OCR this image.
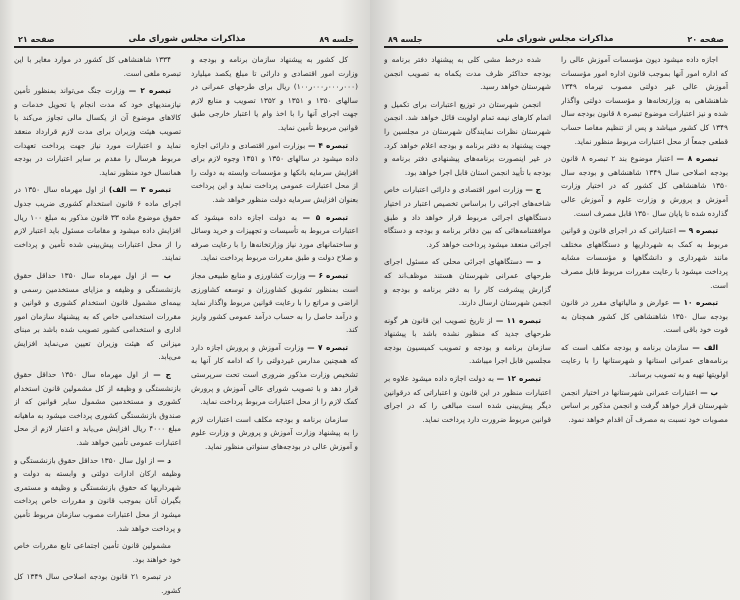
جلسه ۸۹
مذاکرات مجلس شورای ملی
صفحه ۲۱

کل کشور به پیشنهاد سازمان برنامه و بودجه و وزارت امور اقتصادی و دارائی تا مبلغ یکصد میلیارد (۰۰۰ر۰۰۰ر۰۰۰ر۱۰۰) ریال برای طرحهای عمرانی در سالهای ۱۳۵۰ و ۱۳۵۱ و ۱۳۵۲ تصویب و منابع لازم جهت اجرای آنها را با اخذ وام یا اعتبار خارجی طبق قوانین مربوط تأمین نماید.

تبصره ۴ — بوزارت امور اقتصادی و دارائی اجازه داده میشود در سالهای ۱۳۵۰ و ۱۳۵۱ وجوه لازم برای افزایش سرمایه بانکها و مؤسسات وابسته به دولت را از محل اعتبارات عمومی پرداخت نماید و این پرداخت بعنوان افزایش سرمایه دولت منظور خواهد شد.

تبصره ۵ — به دولت اجازه داده میشود که اعتبارات مربوط به تأسیسات و تجهیزات و خرید وسائل و ساختمانهای مورد نیاز وزارتخانه‌ها را با رعایت صرفه و صلاح دولت و طبق مقررات مربوط پرداخت نماید.

تبصره ۶ — وزارت کشاورزی و منابع طبیعی مجاز است بمنظور تشویق کشاورزان و توسعه کشاورزی اراضی و مراتع را با رعایت قوانین مربوط واگذار نماید و درآمد حاصل را به حساب درآمد عمومی کشور واریز کند.

تبصره ۷ — وزارت آموزش و پرورش اجازه دارد که همچنین مدارس غیردولتی را که ادامه کار آنها به تشخیص وزارت مذکور ضروری است تحت سرپرستی قرار دهد و با تصویب شورای عالی آموزش و پرورش کمک لازم را از محل اعتبارات مربوط پرداخت نماید.

سازمان برنامه و بودجه مکلف است اعتبارات لازم را به پیشنهاد وزارت آموزش و پرورش و وزارت علوم و آموزش عالی در بودجه‌های سنواتی منظور نماید.

۱۳۳۴ شاهنشاهی کل کشور در موارد مغایر با این تبصره ملغی است.

تبصره ۲ — وزارت جنگ می‌تواند بمنظور تأمین نیازمندیهای خود که مدت انجام یا تحویل خدمات و کالاهای موضوع آن از یکسال مالی تجاوز می‌کند با تصویب هیئت وزیران برای مدت لازم قرارداد منعقد نماید و اعتبارات مورد نیاز جهت پرداخت تعهدات مربوط هرسال را مقدم بر سایر اعتبارات در بودجه همانسال خود منظور نماید.

تبصره ۳ — الف) از اول مهرماه سال ۱۳۵۰ در اجرای ماده ۶ قانون استخدام کشوری ضریب جدول حقوق موضوع ماده ۳۳ قانون مذکور به مبلغ ۱۰۰ ریال افزایش داده میشود و مقامات مسئول باید اعتبار لازم را از محل اعتبارات پیش‌بینی شده تأمین و پرداخت نمایند.

ب — از اول مهرماه سال ۱۳۵۰ حداقل حقوق بازنشستگی و وظیفه و مزایای مستخدمین رسمی و بیمه‌ای مشمول قانون استخدام کشوری و قوانین و مقررات استخدامی خاص که به پیشنهاد سازمان امور اداری و استخدامی کشور تصویب شده باشد بر مبنای میزانی که هیئت وزیران تعیین می‌نماید افزایش می‌یابد.

ج — از اول مهرماه سال ۱۳۵۰ حداقل حقوق بازنشستگی و وظیفه از کل مشمولین قانون استخدام کشوری و مستخدمین مشمول سایر قوانین که از صندوق بازنشستگی کشوری پرداخت میشود به ماهیانه مبلغ ۴۰۰۰ ریال افزایش می‌یابد و اعتبار لازم از محل اعتبارات عمومی تأمین خواهد شد.

د — از اول سال ۱۳۵۰ حداقل حقوق بازنشستگی و وظیفه ارکان ادارات دولتی و وابسته به دولت و شهرداریها که حقوق بازنشستگی و وظیفه و مستمری بگیران آنان بموجب قانون و مقررات خاص پرداخت میشود از محل اعتبارات مصوب سازمان مربوط تأمین و پرداخت خواهد شد.

مشمولین قانون تأمین اجتماعی تابع مقررات خاص خود خواهند بود.

در تبصره ۲۱ قانون بودجه اصلاحی سال ۱۳۴۹ کل کشور.

صفحه ۲۰
مذاکرات مجلس شورای ملی
جلسه ۸۹

اجازه داده میشود دیون مؤسسات آموزش عالی را که اداره امور آنها بموجب قانون اداره امور مؤسسات آموزش عالی غیر دولتی مصوب تیرماه ۱۳۴۹ شاهنشاهی به وزارتخانه‌ها و مؤسسات دولتی واگذار شده و نیز اعتبارات موضوع تبصره ۸ قانون بودجه سال ۱۳۴۹ کل کشور میباشد و پس از تنظیم مفاصا حساب قطعی جمعاً از محل اعتبارات مربوط منظور نماید.

تبصره ۸ — اعتبار موضوع بند ۲ تبصره ۸ قانون بودجه اصلاحی سال ۱۳۴۹ شاهنشاهی و بودجه سال ۱۳۵۰ شاهنشاهی کل کشور که در اختیار وزارت آموزش و پرورش و وزارت علوم و آموزش عالی گذارده شده تا پایان سال ۱۳۵۰ قابل مصرف است.

تبصره ۹ — اعتباراتی که در اجرای قانون و قوانین مربوط به کمک به شهرداریها و دستگاههای مختلف مانند شهرداری و دانشگاهها و مؤسسات مشابه پرداخت میشود با رعایت مقررات مربوط قابل مصرف است.

تبصره ۱۰ — عوارض و مالیاتهای مقرر در قانون بودجه سال ۱۳۵۰ شاهنشاهی کل کشور همچنان به قوت خود باقی است.

الف — سازمان برنامه و بودجه مکلف است که برنامه‌های عمرانی استانها و شهرستانها را با رعایت اولویتها تهیه و به تصویب برساند.

ب — اعتبارات عمرانی شهرستانها در اختیار انجمن شهرستان قرار خواهد گرفت و انجمن مذکور بر اساس مصوبات خود نسبت به مصرف آن اقدام خواهد نمود.

شده درخط مشی کلی به پیشنهاد دفتر برنامه و بودجه حداکثر ظرف مدت یکماه به تصویب انجمن شهرستان خواهد رسید.

انجمن شهرستان در توزیع اعتبارات برای تکمیل و اتمام کارهای نیمه تمام اولویت قائل خواهد شد. انجمن شهرستان نظرات نمایندگان شهرستان در مجلسین را جهت پیشنهاد به دفتر برنامه و بودجه اعلام خواهد کرد. در غیر اینصورت برنامه‌های پیشنهادی دفتر برنامه و بودجه با تأیید انجمن استان قابل اجرا خواهد بود.

ج — وزارت امور اقتصادی و دارائی اعتبارات خاص شاخه‌های اجرائی را براساس تخصیص اعتبار در اختیار دستگاههای اجرائی مربوط قرار خواهد داد و طبق موافقتنامه‌هائی که بین دفاتر برنامه و بودجه و دستگاه اجرائی منعقد میشود پرداخت خواهد کرد.

د — دستگاههای اجرائی محلی که مسئول اجرای طرحهای عمرانی شهرستان هستند موظف‌اند که گزارش پیشرفت کار را به دفتر برنامه و بودجه و انجمن شهرستان ارسال دارند.

تبصره ۱۱ — از تاریخ تصویب این قانون هر گونه طرحهای جدید که منظور نشده باشد با پیشنهاد سازمان برنامه و بودجه و تصویب کمیسیون بودجه مجلسین قابل اجرا میباشد.

تبصره ۱۲ — به دولت اجازه داده میشود علاوه بر اعتبارات منظور در این قانون و اعتباراتی که درقوانین دیگر پیش‌بینی شده است مبالغی را که در اجرای قوانین مربوط ضرورت دارد پرداخت نماید.
